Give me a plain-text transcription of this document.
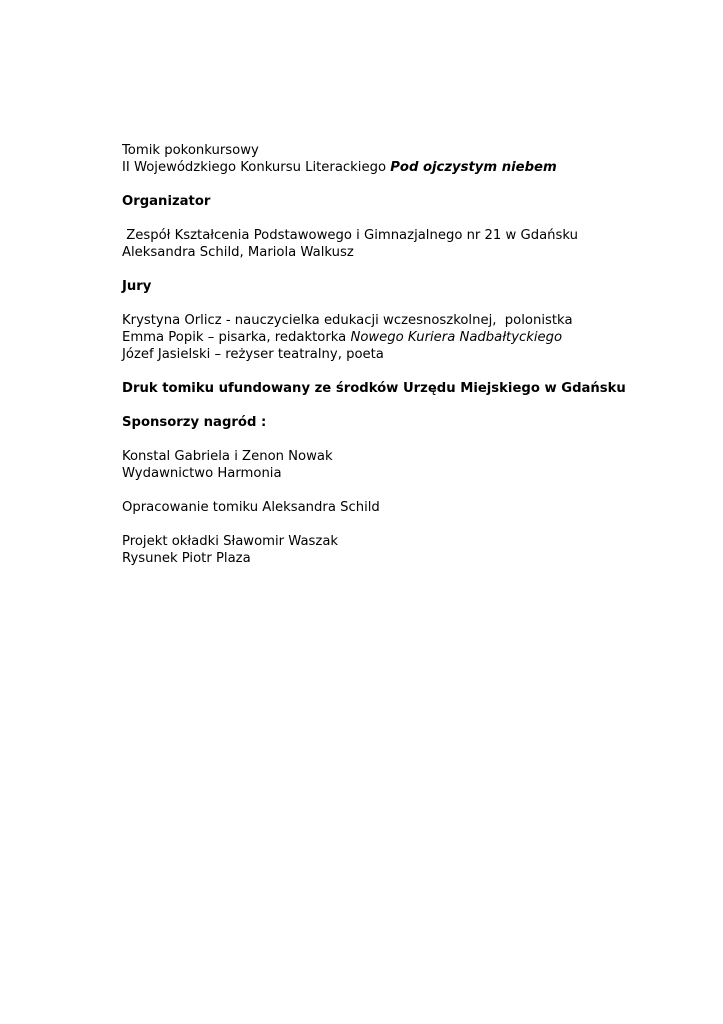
Tomik pokonkursowy
II Wojewódzkiego Konkursu Literackiego Pod ojczystym niebem
Organizator
Zespół Kształcenia Podstawowego i Gimnazjalnego nr 21 w Gdańsku
Aleksandra Schild, Mariola Walkusz
Jury
Krystyna Orlicz - nauczycielka edukacji wczesnoszkolnej,  polonistka
Emma Popik – pisarka, redaktorka Nowego Kuriera Nadbałtyckiego
Józef Jasielski – reżyser teatralny, poeta
Druk tomiku ufundowany ze środków Urzędu Miejskiego w Gdańsku
Sponsorzy nagród :
Konstal Gabriela i Zenon Nowak
Wydawnictwo Harmonia
Opracowanie tomiku Aleksandra Schild
Projekt okładki Sławomir Waszak
Rysunek Piotr Plaza
